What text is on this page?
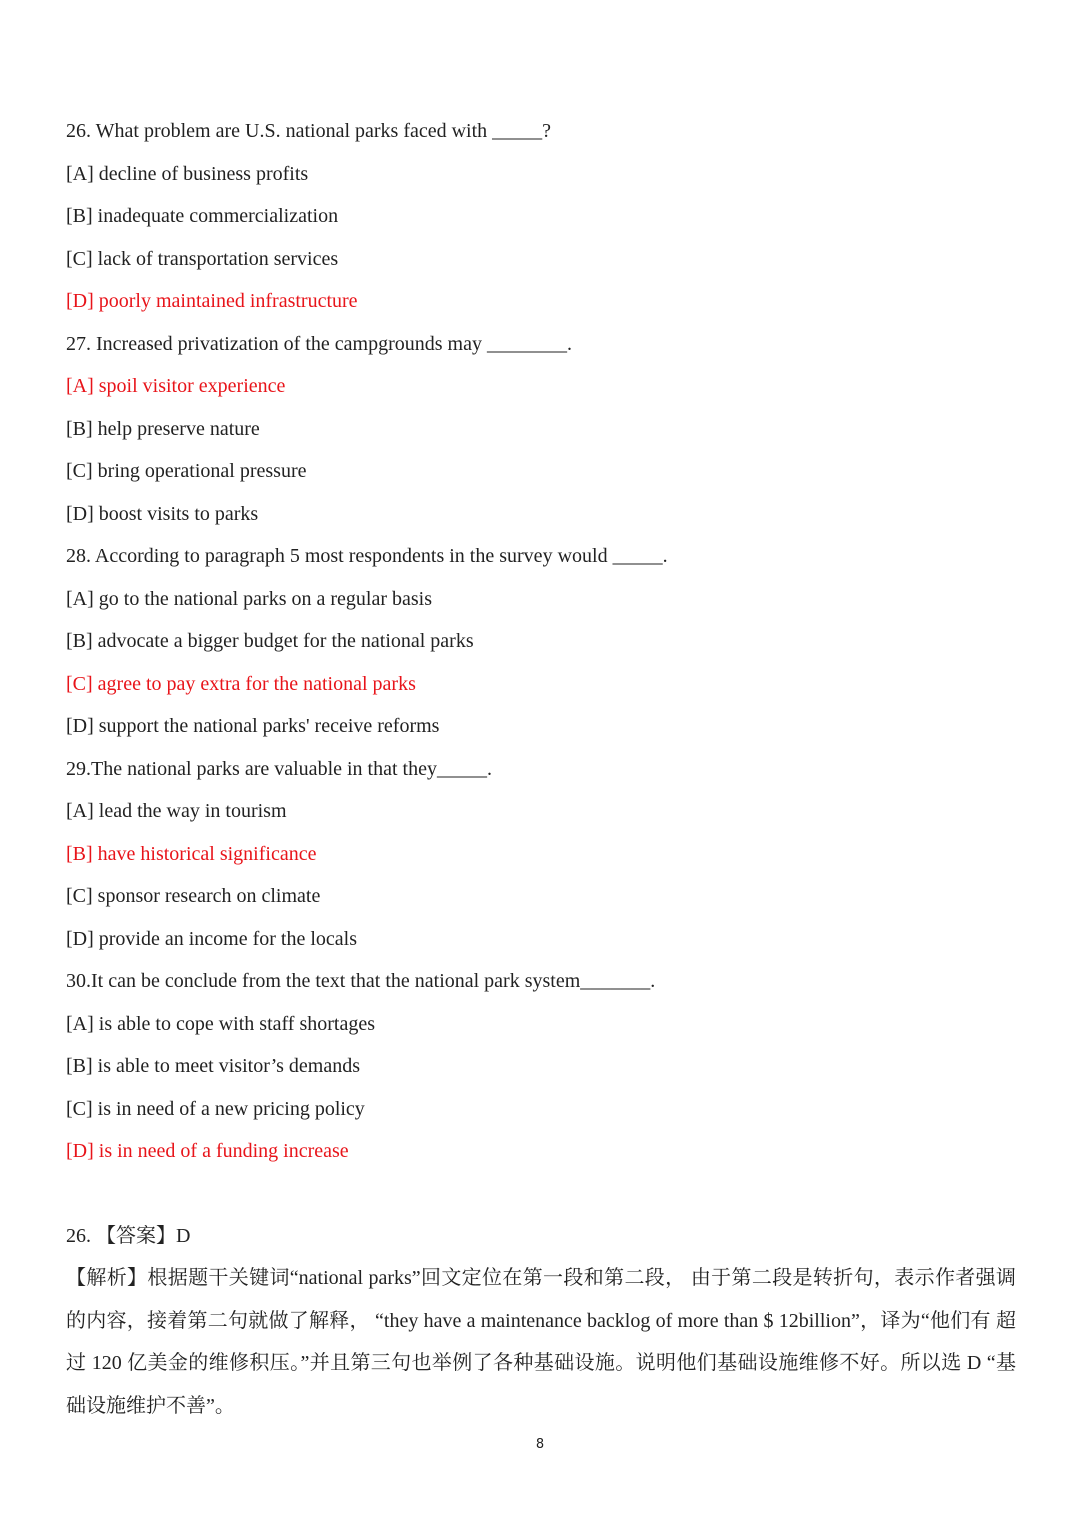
26. What problem are U.S. national parks faced with _____?
[A] decline of business profits
[B] inadequate commercialization
[C] lack of transportation services
[D] poorly maintained infrastructure
27. Increased privatization of the campgrounds may ________.
[A] spoil visitor experience
[B] help preserve nature
[C] bring operational pressure
[D] boost visits to parks
28. According to paragraph 5 most respondents in the survey would _____.
[A] go to the national parks on a regular basis
[B] advocate a bigger budget for the national parks
[C] agree to pay extra for the national parks
[D] support the national parks' receive reforms
29.The national parks are valuable in that they_____.
[A] lead the way in tourism
[B] have historical significance
[C] sponsor research on climate
[D] provide an income for the locals
30.It can be conclude from the text that the national park system_______.
[A] is able to cope with staff shortages
[B] is able to meet visitor’s demands
[C] is in need of a new pricing policy
[D] is in need of a funding increase

26. 【答案】D

【解析】根据题干关键词“national parks”回文定位在第一段和第二段， 由于第二段是转折句，表示作者强调的内容，接着第二句就做了解释， “they have a maintenance backlog of more than $ 12billion”，译为“他们有 超过 120 亿美金的维修积压。”并且第三句也举例了各种基础设施。说明他们基础设施维修不好。所以选 D “基础设施维护不善”。

8
